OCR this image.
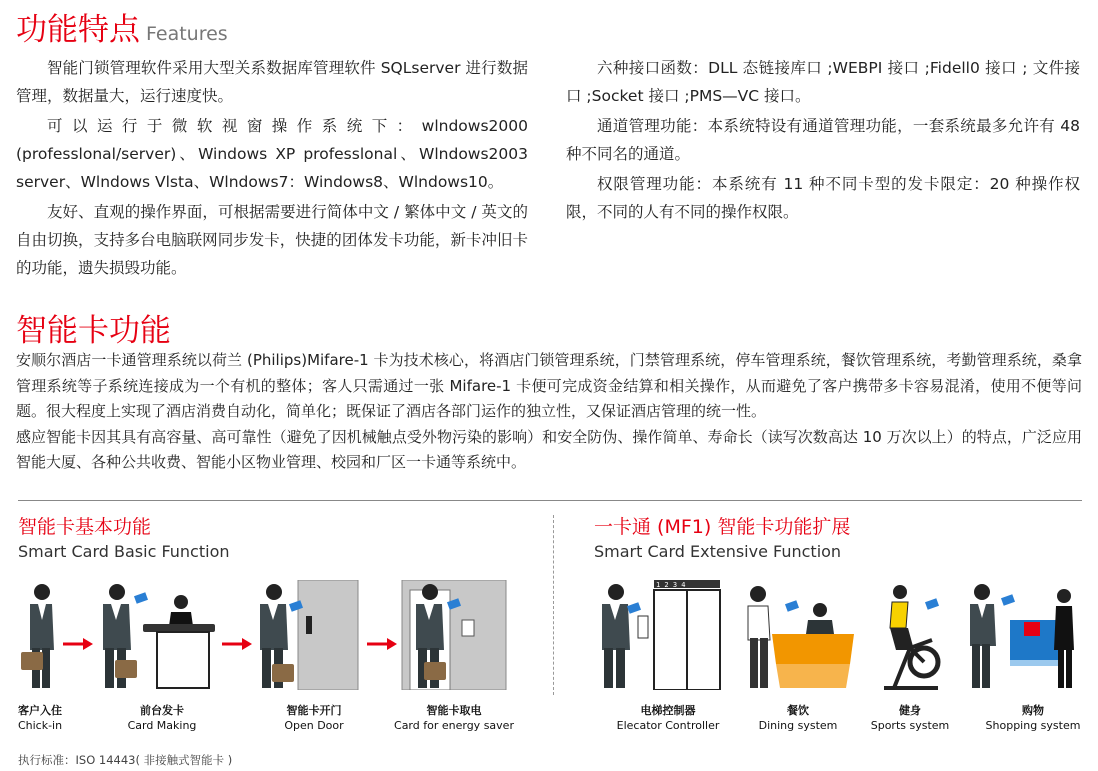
功能特点 Features

智能门锁管理软件采用大型关系数据库管理软件 SQLserver 进行数据管理，数据量大，运行速度快。

可以运行于微软视窗操作系统下：wlndows2000 (professlonal/server)、Windows XP professlonal、Wlndows2003 server、Wlndows Vlsta、Wlndows7：Windows8、Wlndows10。

友好、直观的操作界面，可根据需要进行简体中文 / 繁体中文 / 英文的自由切换，支持多台电脑联网同步发卡，快捷的团体发卡功能，新卡冲旧卡的功能，遗失损毁功能。

六种接口函数：DLL 态链接库口 ;WEBPI 接口 ;Fidell0 接口 ; 文件接口 ;Socket 接口 ;PMS—VC 接口。

通道管理功能：本系统特设有通道管理功能，一套系统最多允许有 48 种不同名的通道。

权限管理功能：本系统有 11 种不同卡型的发卡限定：20 种操作权限，不同的人有不同的操作权限。

智能卡功能

安顺尔酒店一卡通管理系统以荷兰 (Philips)Mifare-1 卡为技术核心，将酒店门锁管理系统，门禁管理系统，停车管理系统，餐饮管理系统，考勤管理系统，桑拿管理系统等子系统连接成为一个有机的整体；客人只需通过一张 Mifare-1 卡便可完成资金结算和相关操作，从而避免了客户携带多卡容易混淆，使用不便等问题。很大程度上实现了酒店消费自动化，简单化；既保证了酒店各部门运作的独立性，又保证酒店管理的统一性。

感应智能卡因其具有高容量、高可靠性（避免了因机械触点受外物污染的影响）和安全防伪、操作简单、寿命长（读写次数高达 10 万次以上）的特点，广泛应用智能大厦、各种公共收费、智能小区物业管理、校园和厂区一卡通等系统中。

智能卡基本功能
Smart Card Basic Function
一卡通 (MF1) 智能卡功能扩展
Smart Card Extensive Function
客户入住
Chick-in
前台发卡
Card Making
智能卡开门
Open Door
智能卡取电
Card for energy saver
1 2 3 4
电梯控制器
Elecator Controller
餐饮
Dining system
健身
Sports system
购物
Shopping system
执行标准：ISO 14443( 非接触式智能卡 )
